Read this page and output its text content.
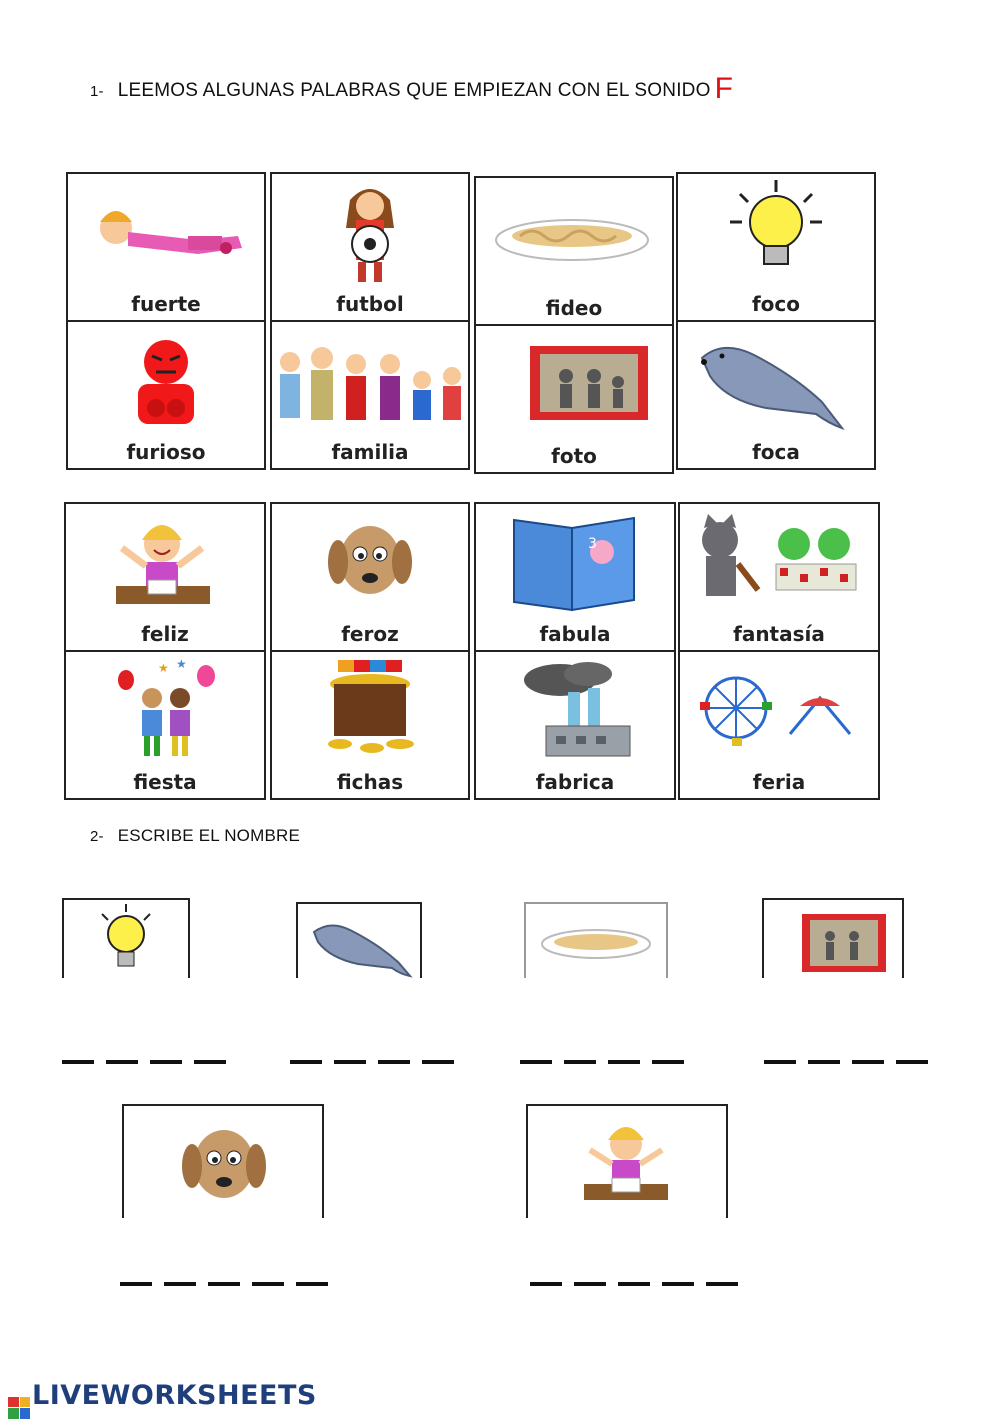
1- LEEMOS ALGUNAS PALABRAS QUE EMPIEZAN CON EL SONIDO F
fuerte	futbol	fideo	foco
furioso	familia	foto	foca
feliz	feroz
3
fabula	fantasía
★ ★
fiesta	fichas	fabrica	feria
2- ESCRIBE EL NOMBRE
LIVEWORKSHEETS
